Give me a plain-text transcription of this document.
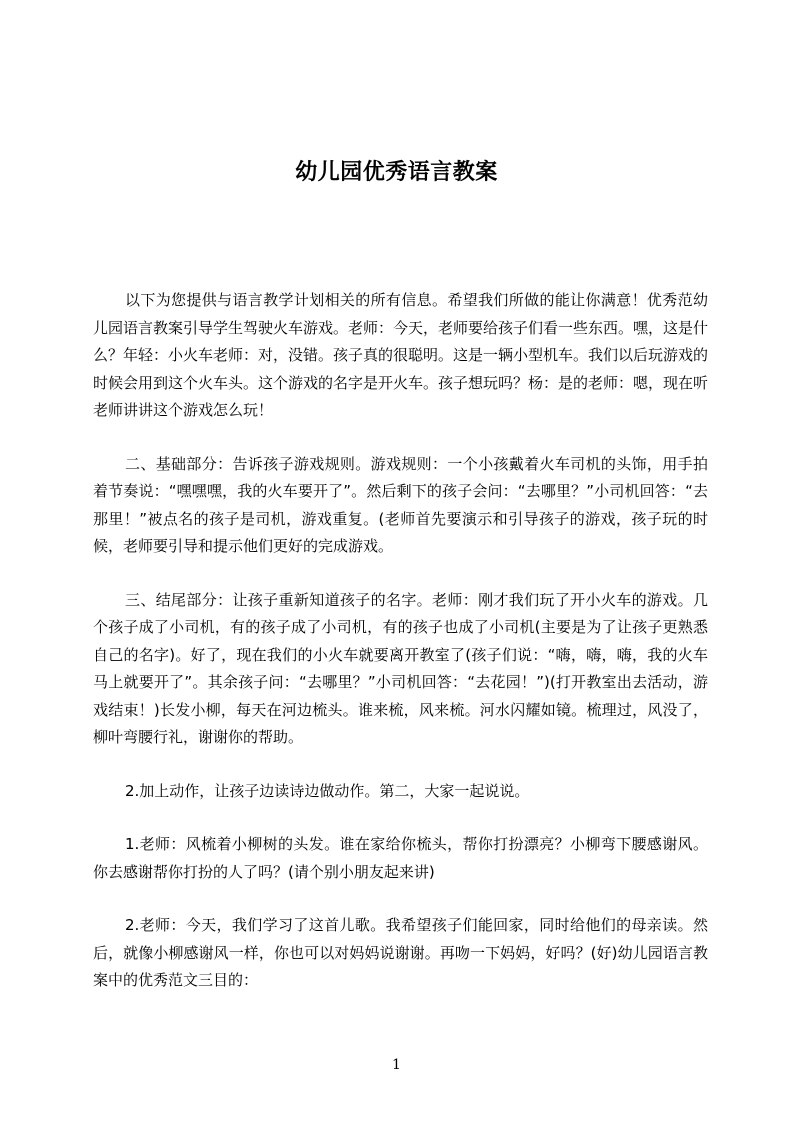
幼儿园优秀语言教案

以下为您提供与语言教学计划相关的所有信息。希望我们所做的能让你满意！优秀范幼儿园语言教案引导学生驾驶火车游戏。老师：今天，老师要给孩子们看一些东西。嘿，这是什么？年轻：小火车老师：对，没错。孩子真的很聪明。这是一辆小型机车。我们以后玩游戏的时候会用到这个火车头。这个游戏的名字是开火车。孩子想玩吗？杨：是的老师：嗯，现在听老师讲讲这个游戏怎么玩！

二、基础部分：告诉孩子游戏规则。游戏规则：一个小孩戴着火车司机的头饰，用手拍着节奏说：“嘿嘿嘿，我的火车要开了”。然后剩下的孩子会问：“去哪里？”小司机回答：“去那里！”被点名的孩子是司机，游戏重复。(老师首先要演示和引导孩子的游戏，孩子玩的时候，老师要引导和提示他们更好的完成游戏。

三、结尾部分：让孩子重新知道孩子的名字。老师：刚才我们玩了开小火车的游戏。几个孩子成了小司机，有的孩子成了小司机，有的孩子也成了小司机(主要是为了让孩子更熟悉自己的名字)。好了，现在我们的小火车就要离开教室了(孩子们说：“嗨，嗨，嗨，我的火车马上就要开了”。其余孩子问：“去哪里？”小司机回答：“去花园！”)(打开教室出去活动，游戏结束！)长发小柳，每天在河边梳头。谁来梳，风来梳。河水闪耀如镜。梳理过，风没了，柳叶弯腰行礼，谢谢你的帮助。

2.加上动作，让孩子边读诗边做动作。第二，大家一起说说。

1.老师：风梳着小柳树的头发。谁在家给你梳头，帮你打扮漂亮？小柳弯下腰感谢风。你去感谢帮你打扮的人了吗？(请个别小朋友起来讲)

2.老师：今天，我们学习了这首儿歌。我希望孩子们能回家，同时给他们的母亲读。然后，就像小柳感谢风一样，你也可以对妈妈说谢谢。再吻一下妈妈，好吗？(好)幼儿园语言教案中的优秀范文三目的：

1
